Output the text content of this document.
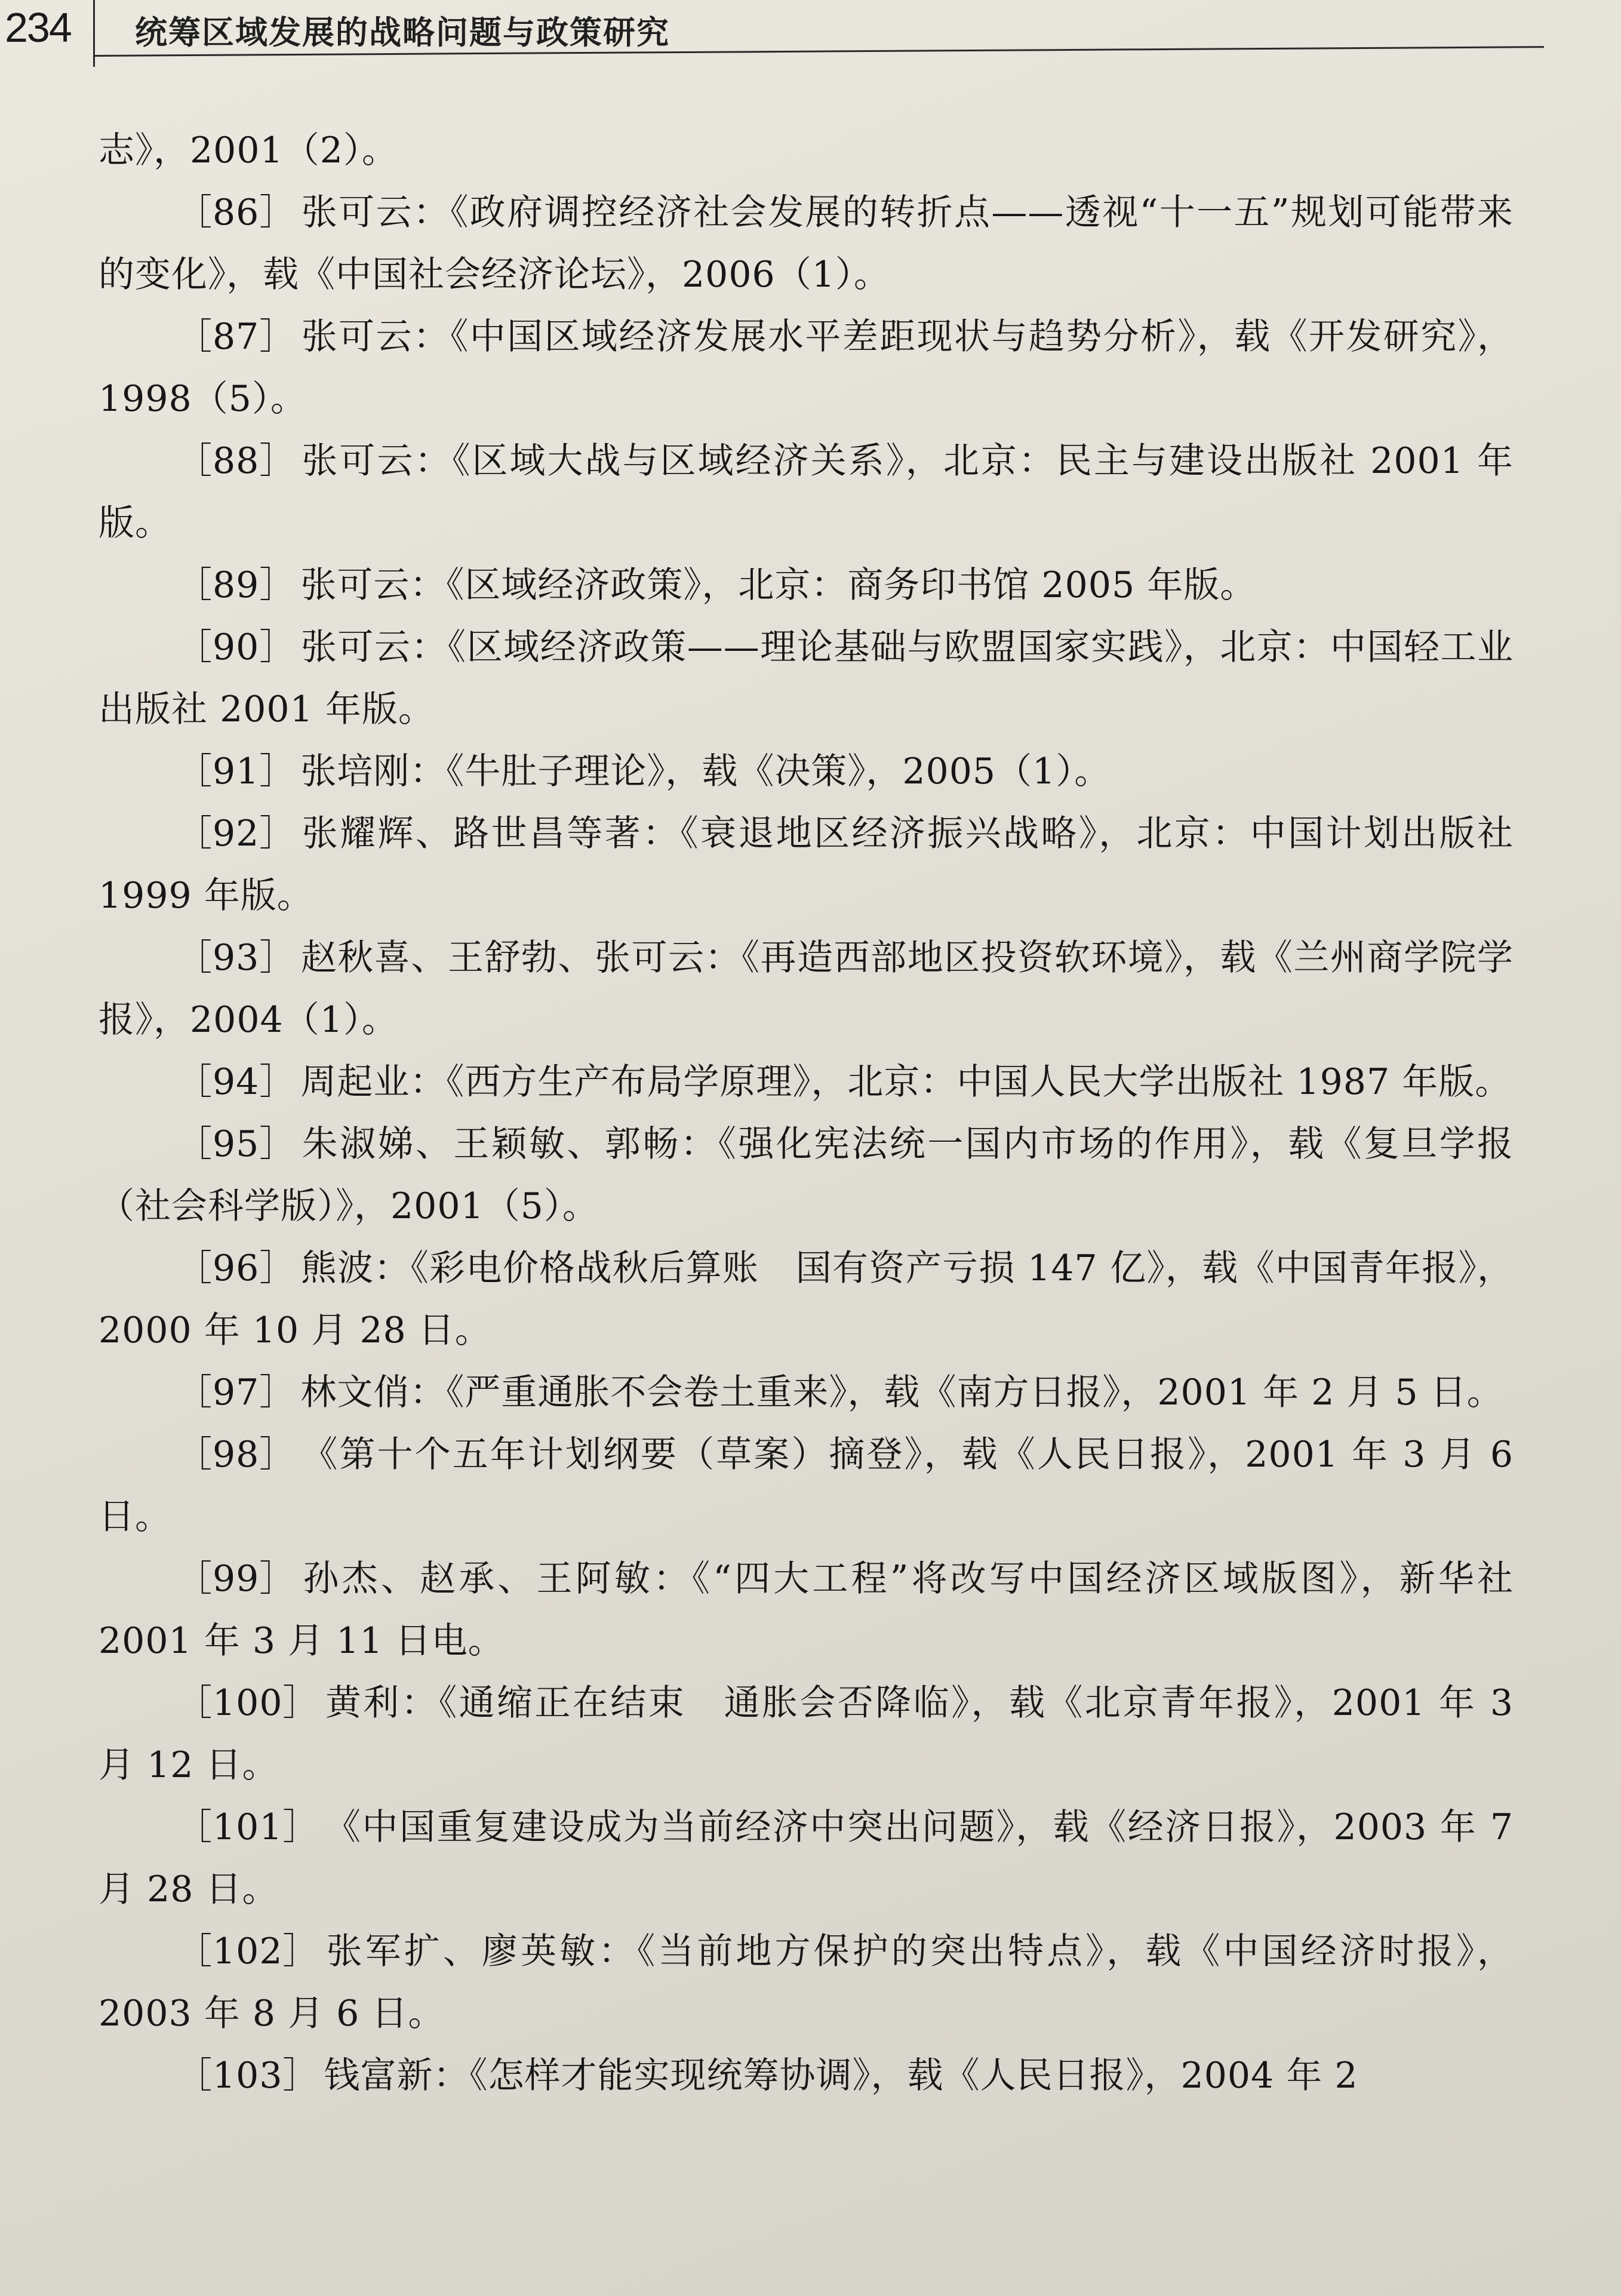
234 统筹区域发展的战略问题与政策研究

志》，2001（2）。

［86］ 张可云：《政府调控经济社会发展的转折点——透视“十一五”规划可能带来的变化》，载《中国社会经济论坛》，2006（1）。

［87］ 张可云：《中国区域经济发展水平差距现状与趋势分析》，载《开发研究》，1998（5）。

［88］ 张可云：《区域大战与区域经济关系》，北京：民主与建设出版社 2001 年版。

［89］ 张可云：《区域经济政策》，北京：商务印书馆 2005 年版。

［90］ 张可云：《区域经济政策——理论基础与欧盟国家实践》，北京：中国轻工业出版社 2001 年版。

［91］ 张培刚：《牛肚子理论》，载《决策》，2005（1）。

［92］ 张耀辉、路世昌等著：《衰退地区经济振兴战略》，北京：中国计划出版社 1999 年版。

［93］ 赵秋喜、王舒勃、张可云：《再造西部地区投资软环境》，载《兰州商学院学报》，2004（1）。

［94］ 周起业：《西方生产布局学原理》，北京：中国人民大学出版社 1987 年版。

［95］ 朱淑娣、王颖敏、郭畅：《强化宪法统一国内市场的作用》，载《复旦学报（社会科学版）》，2001（5）。

［96］ 熊波：《彩电价格战秋后算账　国有资产亏损 147 亿》，载《中国青年报》，2000 年 10 月 28 日。

［97］ 林文俏：《严重通胀不会卷土重来》，载《南方日报》，2001 年 2 月 5 日。

［98］ 《第十个五年计划纲要（草案）摘登》，载《人民日报》，2001 年 3 月 6 日。

［99］ 孙杰、赵承、王阿敏：《“四大工程”将改写中国经济区域版图》，新华社 2001 年 3 月 11 日电。

［100］ 黄利：《通缩正在结束　通胀会否降临》，载《北京青年报》，2001 年 3 月 12 日。

［101］ 《中国重复建设成为当前经济中突出问题》，载《经济日报》，2003 年 7 月 28 日。

［102］ 张军扩、廖英敏：《当前地方保护的突出特点》，载《中国经济时报》，2003 年 8 月 6 日。

［103］ 钱富新：《怎样才能实现统筹协调》，载《人民日报》，2004 年 2
